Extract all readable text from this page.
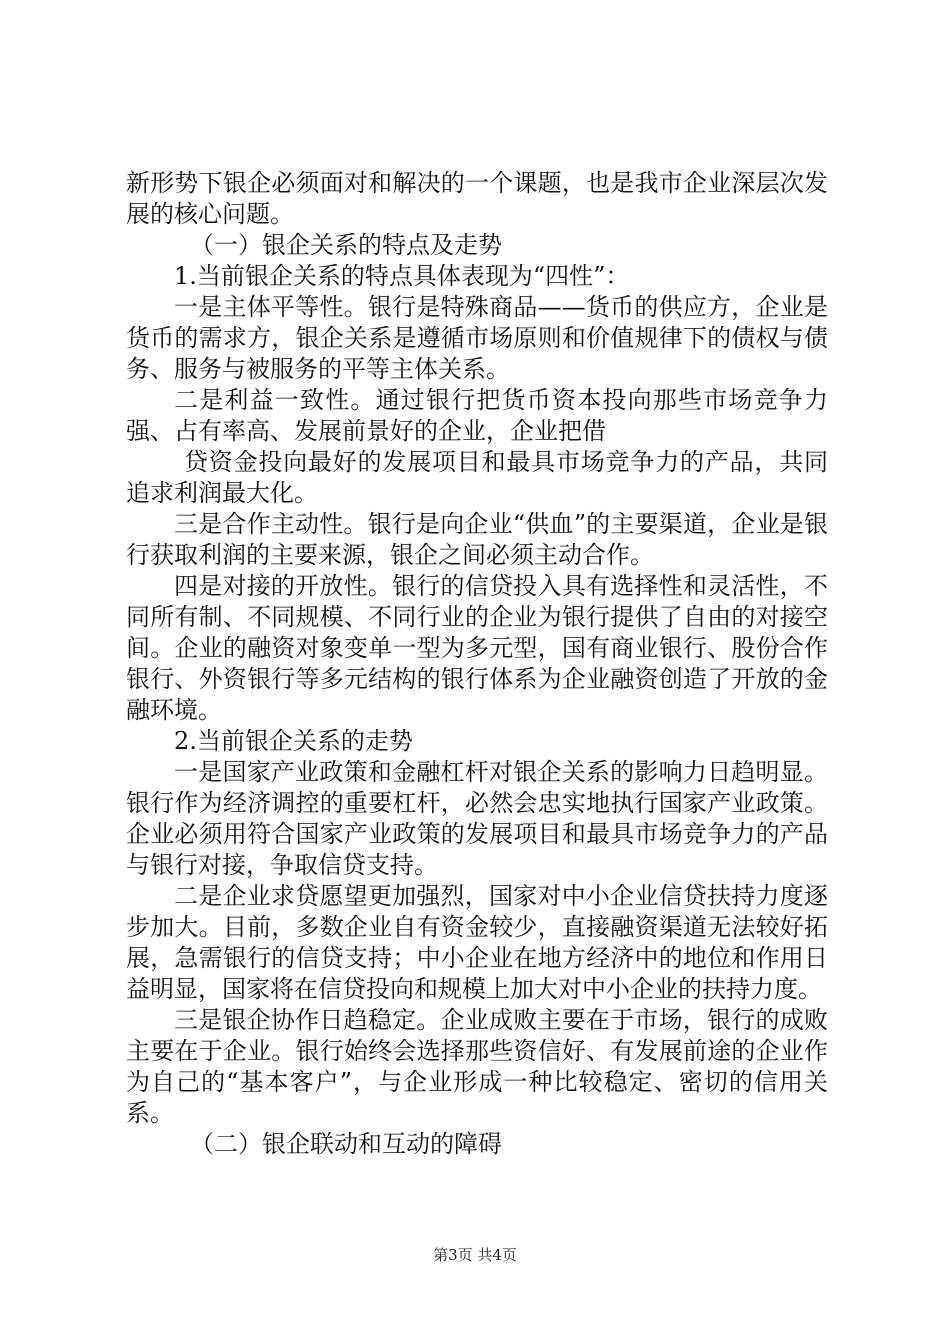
新形势下银企必须面对和解决的一个课题，也是我市企业深层次发展的核心问题。

（一）银企关系的特点及走势

1.当前银企关系的特点具体表现为“四性”：

一是主体平等性。银行是特殊商品——货币的供应方，企业是货币的需求方，银企关系是遵循市场原则和价值规律下的债权与债务、服务与被服务的平等主体关系。

二是利益一致性。通过银行把货币资本投向那些市场竞争力强、占有率高、发展前景好的企业，企业把借

贷资金投向最好的发展项目和最具市场竞争力的产品，共同追求利润最大化。

三是合作主动性。银行是向企业“供血”的主要渠道，企业是银行获取利润的主要来源，银企之间必须主动合作。

四是对接的开放性。银行的信贷投入具有选择性和灵活性，不同所有制、不同规模、不同行业的企业为银行提供了自由的对接空间。企业的融资对象变单一型为多元型，国有商业银行、股份合作银行、外资银行等多元结构的银行体系为企业融资创造了开放的金融环境。

2.当前银企关系的走势

一是国家产业政策和金融杠杆对银企关系的影响力日趋明显。银行作为经济调控的重要杠杆，必然会忠实地执行国家产业政策。企业必须用符合国家产业政策的发展项目和最具市场竞争力的产品与银行对接，争取信贷支持。

二是企业求贷愿望更加强烈，国家对中小企业信贷扶持力度逐步加大。目前，多数企业自有资金较少，直接融资渠道无法较好拓展，急需银行的信贷支持；中小企业在地方经济中的地位和作用日益明显，国家将在信贷投向和规模上加大对中小企业的扶持力度。

三是银企协作日趋稳定。企业成败主要在于市场，银行的成败主要在于企业。银行始终会选择那些资信好、有发展前途的企业作为自己的“基本客户”，与企业形成一种比较稳定、密切的信用关系。

（二）银企联动和互动的障碍

第3页 共4页
